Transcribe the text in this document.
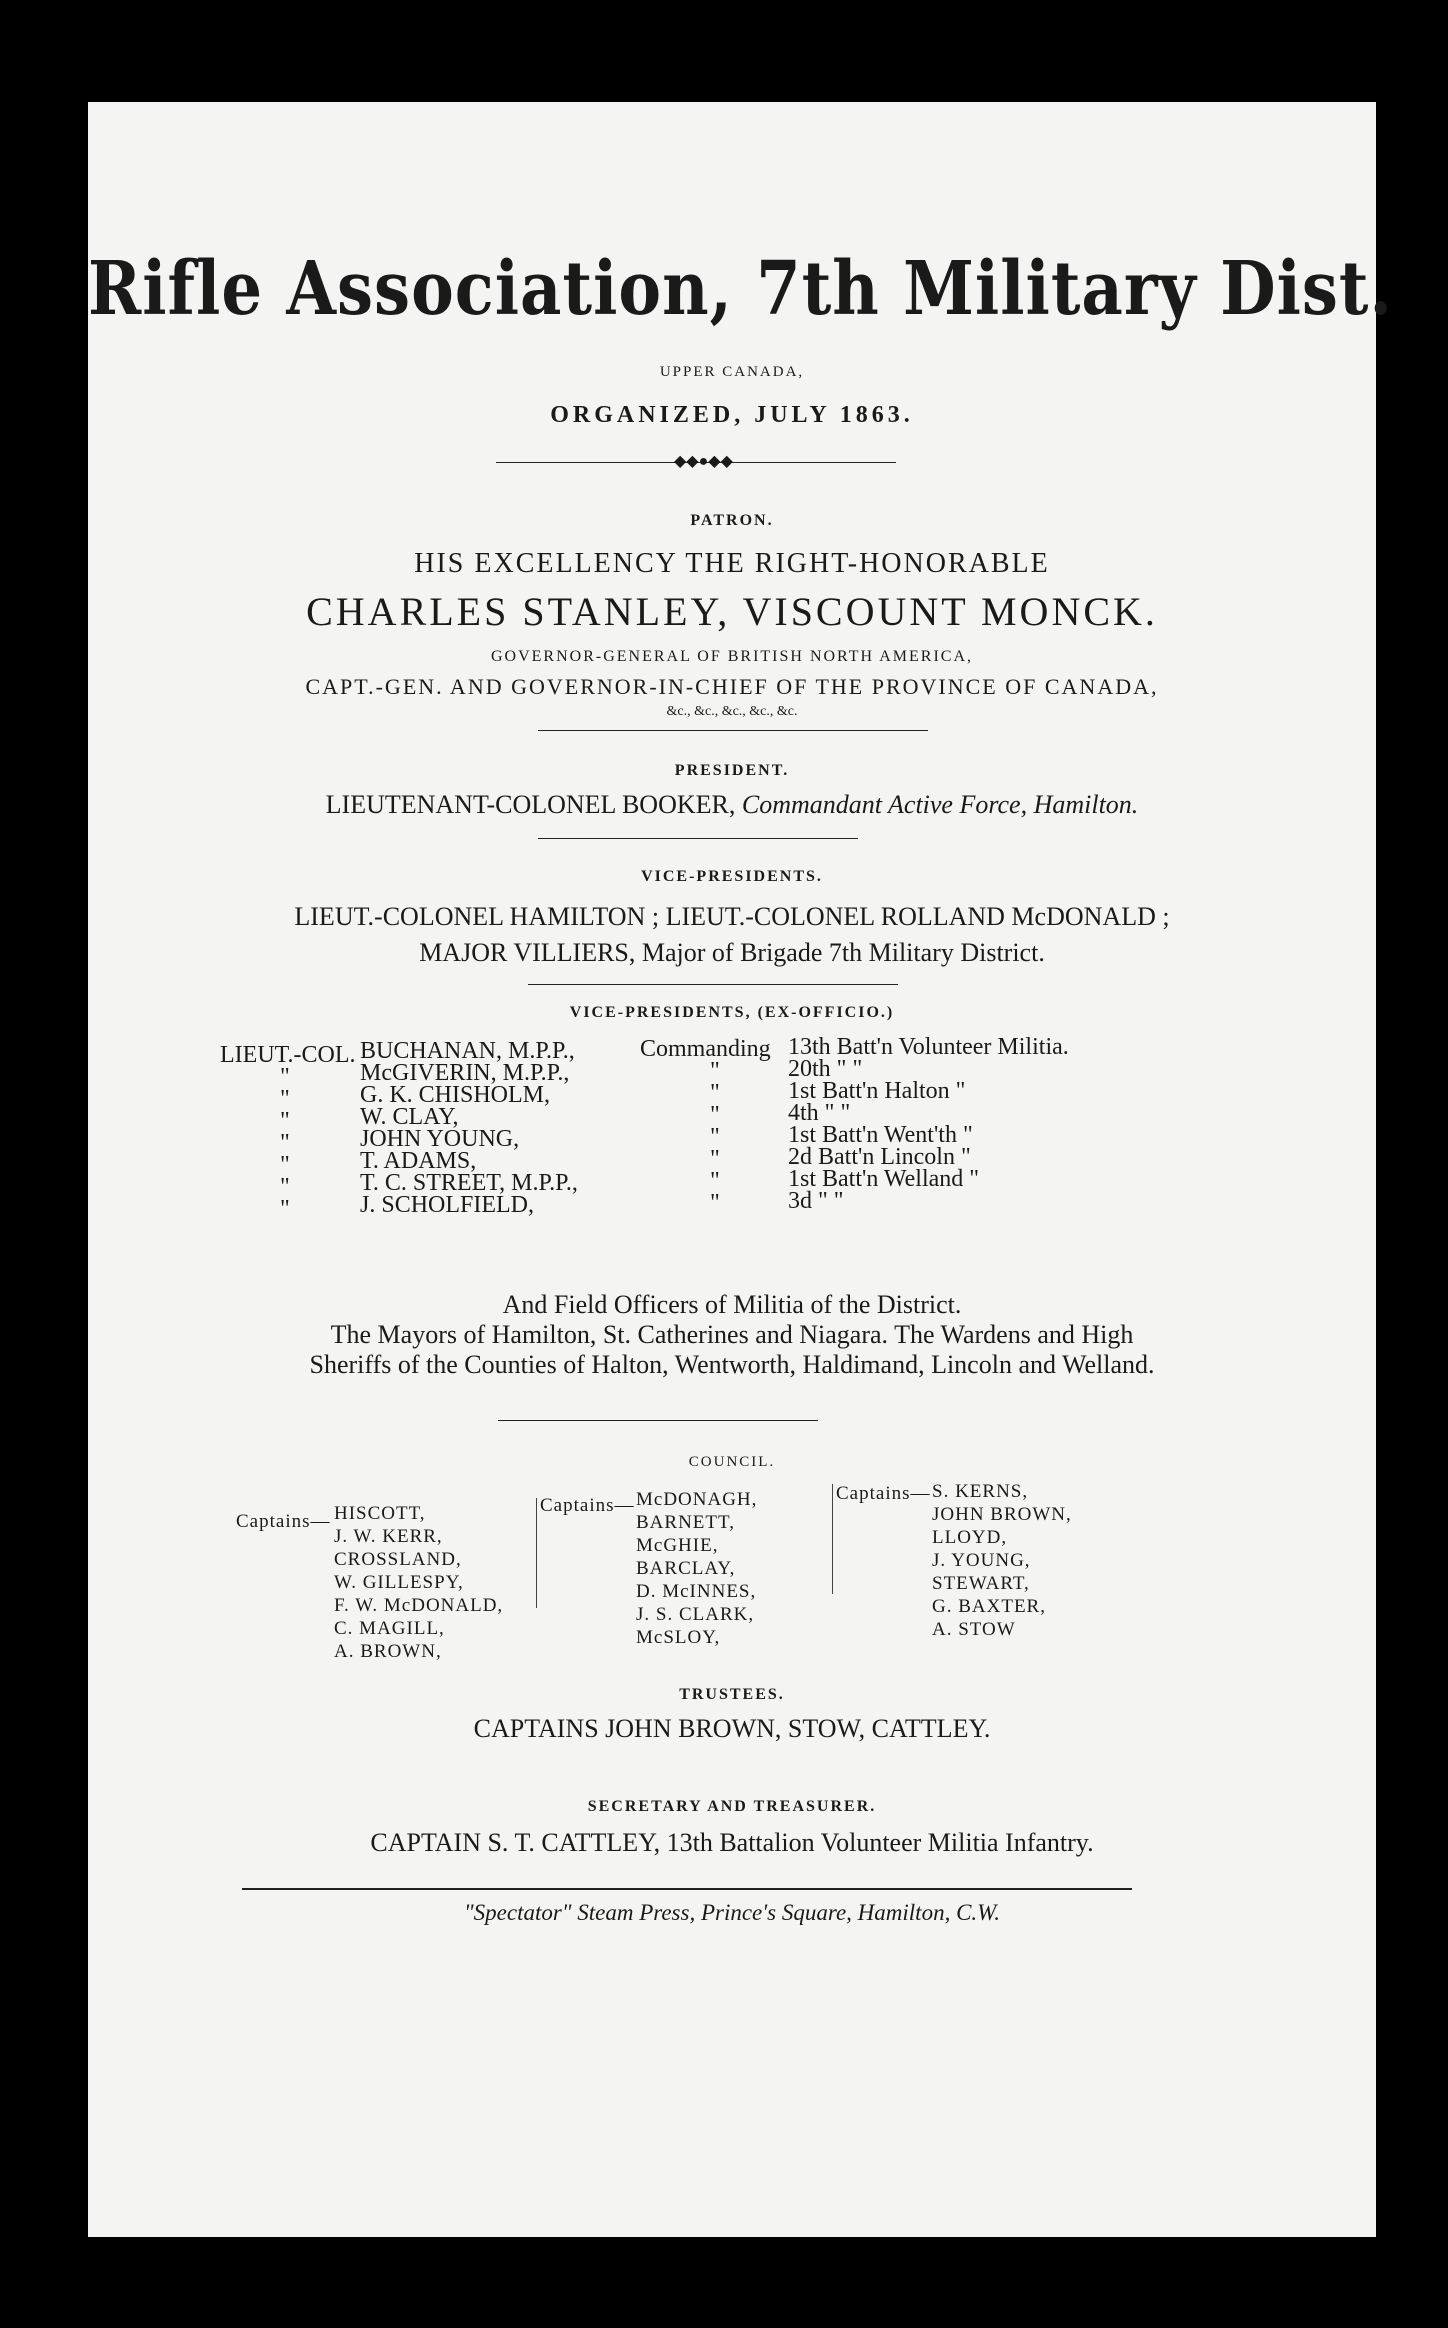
Rifle Association, 7th Military Dist.
UPPER CANADA,
ORGANIZED, JULY 1863.
◆◆●◆◆
PATRON.
HIS EXCELLENCY THE RIGHT-HONORABLE
CHARLES STANLEY, VISCOUNT MONCK.
GOVERNOR-GENERAL OF BRITISH NORTH AMERICA,
CAPT.-GEN. AND GOVERNOR-IN-CHIEF OF THE PROVINCE OF CANADA,
&c., &c., &c., &c., &c.
PRESIDENT.
LIEUTENANT-COLONEL BOOKER, Commandant Active Force, Hamilton.
VICE-PRESIDENTS.
LIEUT.-COLONEL HAMILTON ; LIEUT.-COLONEL ROLLAND McDONALD ;
MAJOR VILLIERS, Major of Brigade 7th Military District.
VICE-PRESIDENTS, (EX-OFFICIO.)
LIEUT.-COL. BUCHANAN, M.P.P.,	Commanding 13th Batt'n Volunteer Militia.
"	McGIVERIN, M.P.P.,	"	20th " "
"	G. K. CHISHOLM,	"	1st Batt'n Halton "
"	W. CLAY,	"	4th " "
"	JOHN YOUNG,	"	1st Batt'n Went'th "
"	T. ADAMS,	"	2d Batt'n Lincoln "
"	T. C. STREET, M.P.P.,	"	1st Batt'n Welland "
"	J. SCHOLFIELD,	"	3d " "
And Field Officers of Militia of the District.
The Mayors of Hamilton, St. Catherines and Niagara. The Wardens and High
Sheriffs of the Counties of Halton, Wentworth, Haldimand, Lincoln and Welland.
COUNCIL.
Captains— HISCOTT,
J. W. KERR,
CROSSLAND,
W. GILLESPY,
F. W. McDONALD,
C. MAGILL,
A. BROWN,
Captains— McDONAGH,
BARNETT,
McGHIE,
BARCLAY,
D. McINNES,
J. S. CLARK,
McSLOY,
Captains— S. KERNS,
JOHN BROWN,
LLOYD,
J. YOUNG,
STEWART,
G. BAXTER,
A. STOW
TRUSTEES.
CAPTAINS JOHN BROWN, STOW, CATTLEY.
SECRETARY AND TREASURER.
CAPTAIN S. T. CATTLEY, 13th Battalion Volunteer Militia Infantry.
"Spectator" Steam Press, Prince's Square, Hamilton, C.W.
